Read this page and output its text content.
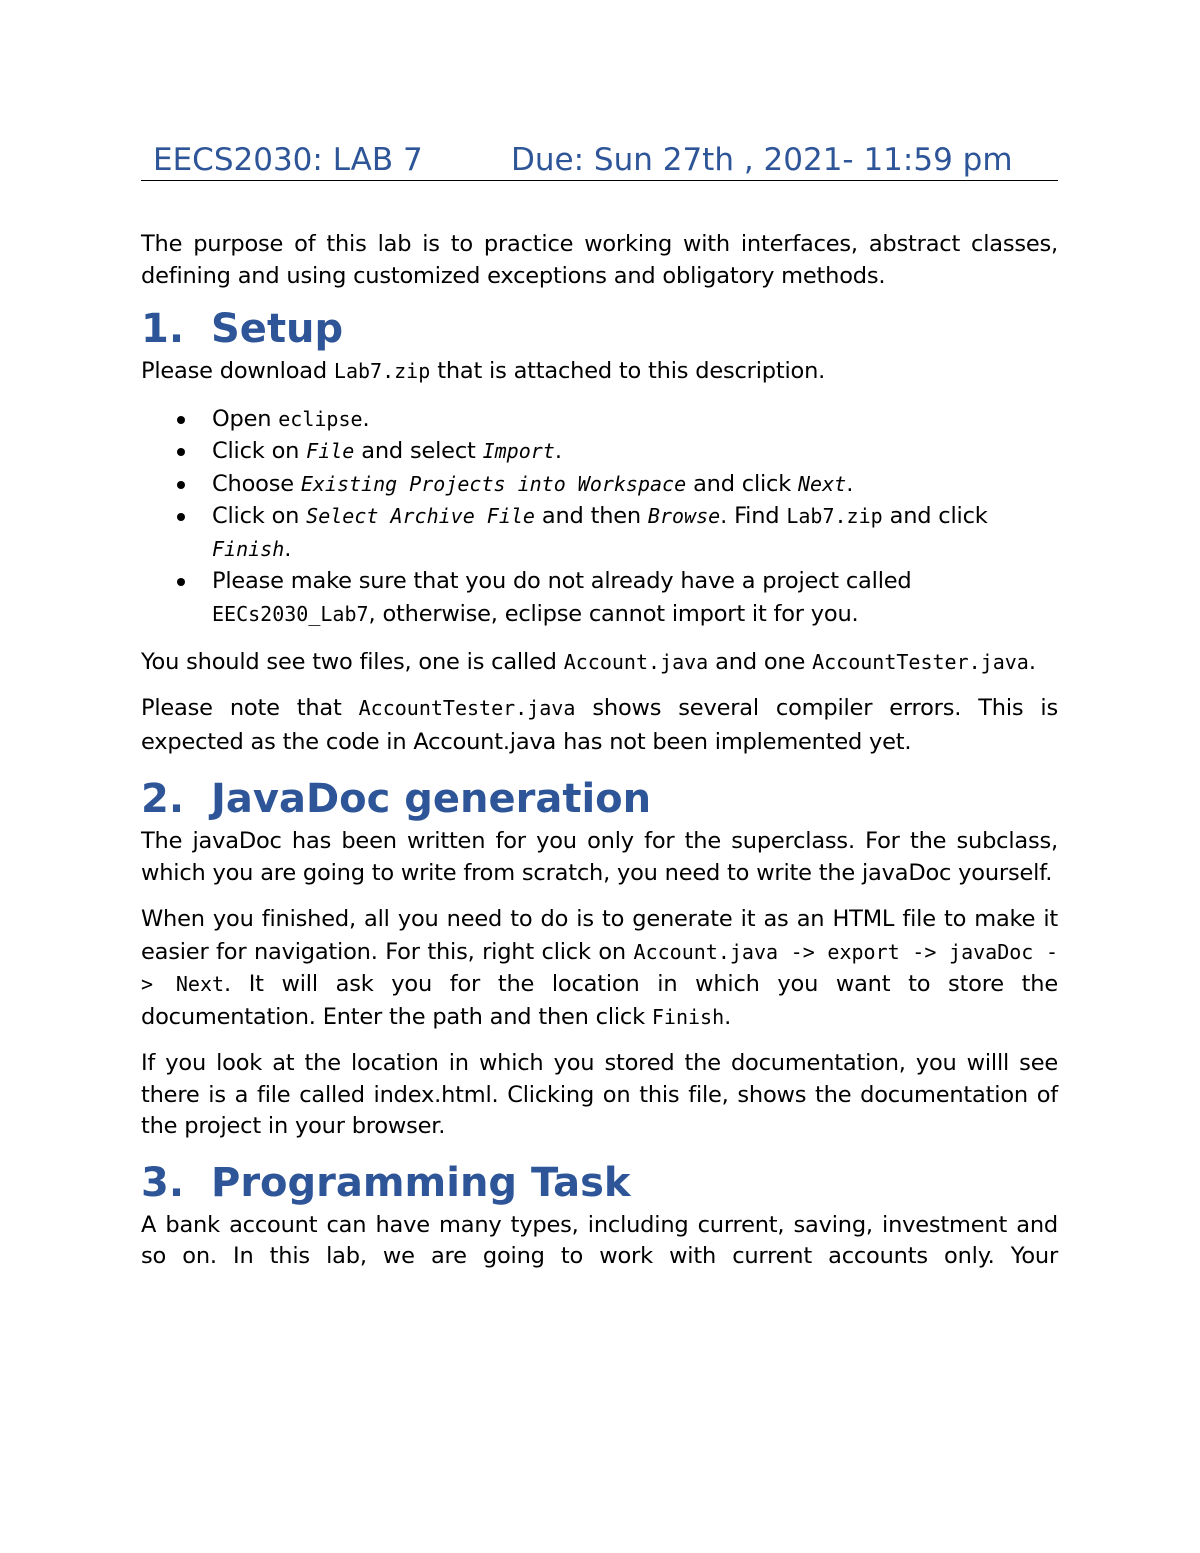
EECS2030: LAB 7	Due: Sun 27th , 2021- 11:59 pm

The purpose of this lab is to practice working with interfaces, abstract classes, defining and using customized exceptions and obligatory methods.

1. Setup

Please download Lab7.zip that is attached to this description.

Open eclipse.
Click on File and select Import.
Choose Existing Projects into Workspace and click Next.
Click on Select Archive File and then Browse. Find Lab7.zip and click Finish.
Please make sure that you do not already have a project called EECs2030_Lab7, otherwise, eclipse cannot import it for you.

You should see two files, one is called Account.java and one AccountTester.java.

Please note that AccountTester.java shows several compiler errors. This is expected as the code in Account.java has not been implemented yet.

2. JavaDoc generation

The javaDoc has been written for you only for the superclass. For the subclass, which you are going to write from scratch, you need to write the javaDoc yourself.

When you finished, all you need to do is to generate it as an HTML file to make it easier for navigation. For this, right click on Account.java -> export -> javaDoc -> Next. It will ask you for the location in which you want to store the documentation. Enter the path and then click Finish.

If you look at the location in which you stored the documentation, you willl see there is a file called index.html. Clicking on this file, shows the documentation of the project in your browser.

3. Programming Task

A bank account can have many types, including current, saving, investment and so on. In this lab, we are going to work with current accounts only. Your
